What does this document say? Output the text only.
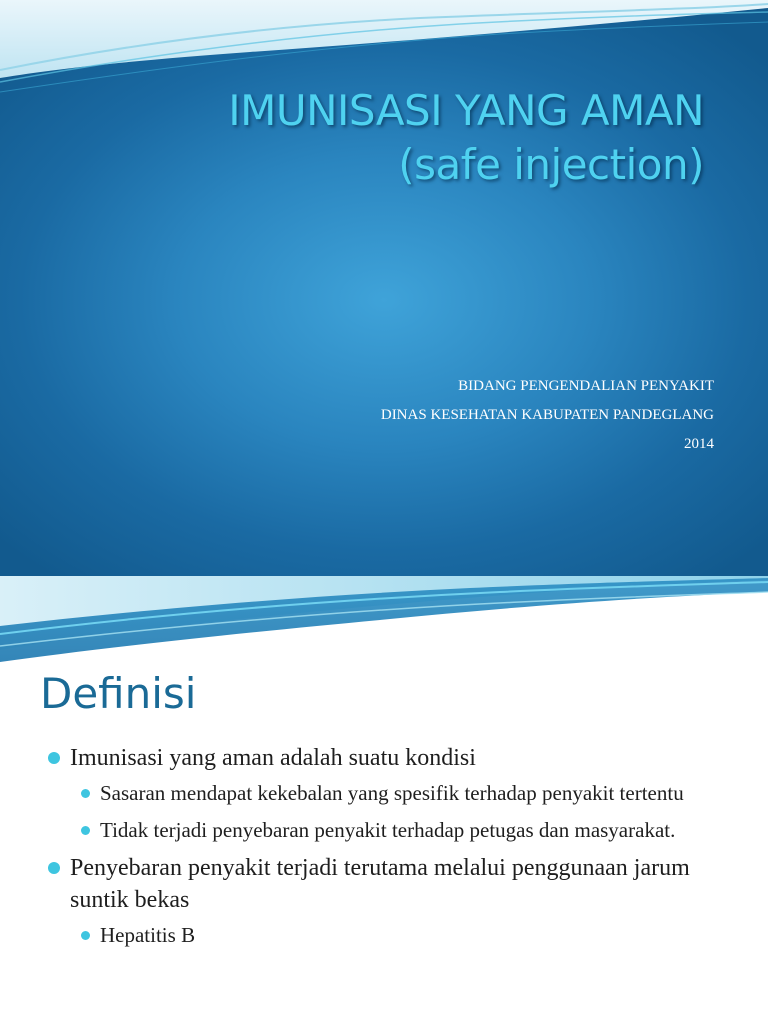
IMUNISASI YANG AMAN
(safe injection)
BIDANG PENGENDALIAN PENYAKIT
DINAS KESEHATAN KABUPATEN PANDEGLANG
2014
Definisi
Imunisasi yang aman adalah suatu kondisi
Sasaran mendapat kekebalan yang spesifik terhadap penyakit tertentu
Tidak terjadi penyebaran penyakit terhadap petugas dan masyarakat.
Penyebaran penyakit terjadi terutama melalui penggunaan jarum suntik bekas
Hepatitis B
